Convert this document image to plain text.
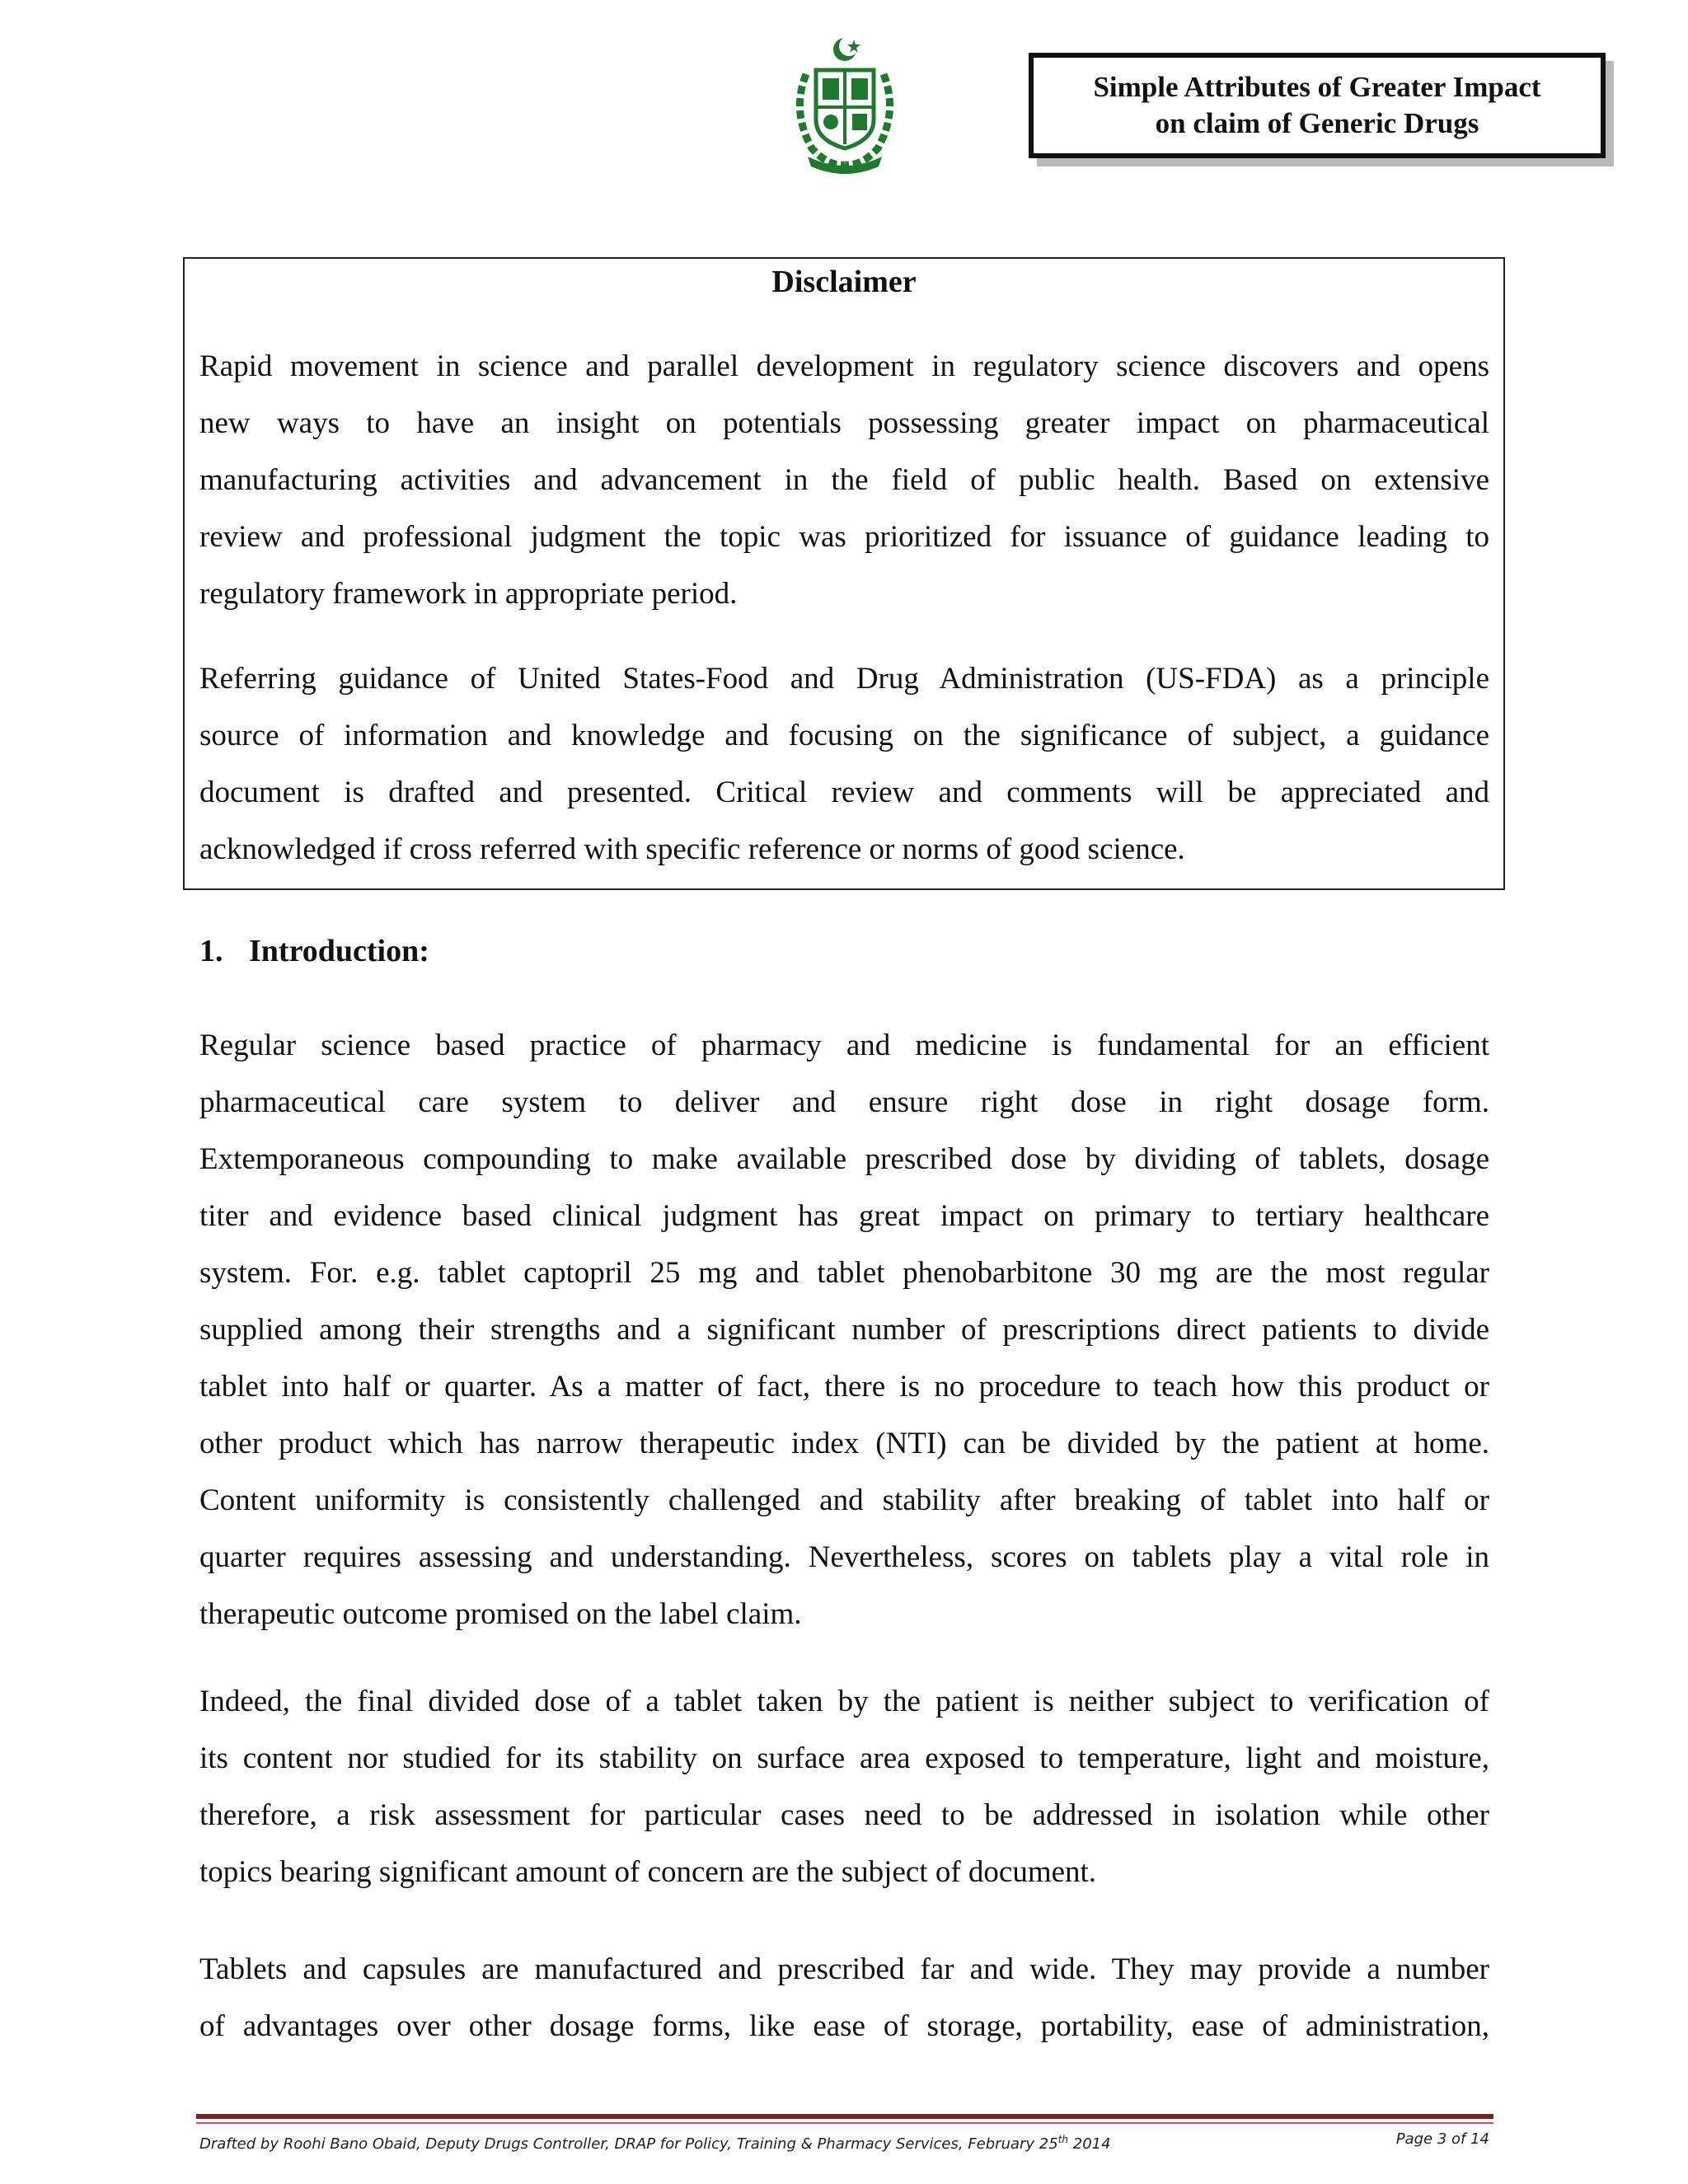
Simple Attributes of Greater Impact
on claim of Generic Drugs
Disclaimer
Rapid movement in science and parallel development in regulatory science discovers and opens
new ways to have an insight on potentials possessing greater impact on pharmaceutical
manufacturing activities and advancement in the field of public health. Based on extensive
review and professional judgment the topic was prioritized for issuance of guidance leading to
regulatory framework in appropriate period.
Referring guidance of United States-Food and Drug Administration (US-FDA) as a principle
source of information and knowledge and focusing on the significance of subject, a guidance
document is drafted and presented. Critical review and comments will be appreciated and
acknowledged if cross referred with specific reference or norms of good science.
1. Introduction:
Regular science based practice of pharmacy and medicine is fundamental for an efficient
pharmaceutical care system to deliver and ensure right dose in right dosage form.
Extemporaneous compounding to make available prescribed dose by dividing of tablets, dosage
titer and evidence based clinical judgment has great impact on primary to tertiary healthcare
system. For. e.g. tablet captopril 25 mg and tablet phenobarbitone 30 mg are the most regular
supplied among their strengths and a significant number of prescriptions direct patients to divide
tablet into half or quarter. As a matter of fact, there is no procedure to teach how this product or
other product which has narrow therapeutic index (NTI) can be divided by the patient at home.
Content uniformity is consistently challenged and stability after breaking of tablet into half or
quarter requires assessing and understanding. Nevertheless, scores on tablets play a vital role in
therapeutic outcome promised on the label claim.
Indeed, the final divided dose of a tablet taken by the patient is neither subject to verification of
its content nor studied for its stability on surface area exposed to temperature, light and moisture,
therefore, a risk assessment for particular cases need to be addressed in isolation while other
topics bearing significant amount of concern are the subject of document.
Tablets and capsules are manufactured and prescribed far and wide. They may provide a number
of advantages over other dosage forms, like ease of storage, portability, ease of administration,
Drafted by Roohi Bano Obaid, Deputy Drugs Controller, DRAP for Policy, Training & Pharmacy Services, February 25th 2014	Page 3 of 14
